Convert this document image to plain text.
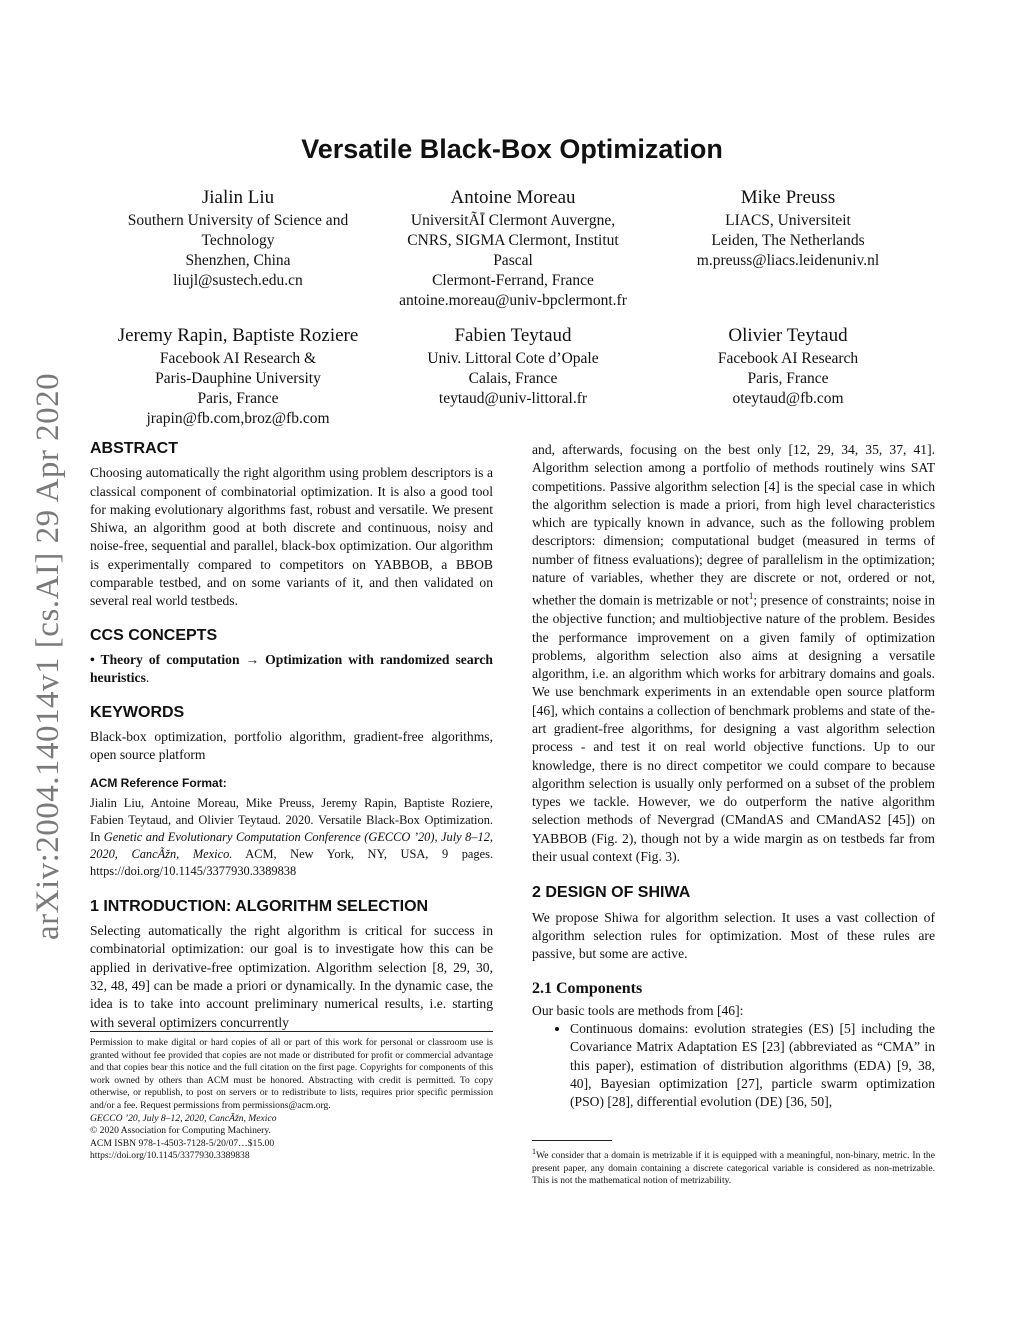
arXiv:2004.14014v1 [cs.AI] 29 Apr 2020
Versatile Black-Box Optimization
Jialin Liu
Southern University of Science and
Technology
Shenzhen, China
liujl@sustech.edu.cn
Antoine Moreau
UniversitÃĪ Clermont Auvergne,
CNRS, SIGMA Clermont, Institut
Pascal
Clermont-Ferrand, France
antoine.moreau@univ-bpclermont.fr
Mike Preuss
LIACS, Universiteit
Leiden, The Netherlands
m.preuss@liacs.leidenuniv.nl
Jeremy Rapin, Baptiste Roziere
Facebook AI Research &
Paris-Dauphine University
Paris, France
jrapin@fb.com,broz@fb.com
Fabien Teytaud
Univ. Littoral Cote d’Opale
Calais, France
teytaud@univ-littoral.fr
Olivier Teytaud
Facebook AI Research
Paris, France
oteytaud@fb.com

ABSTRACT

Choosing automatically the right algorithm using problem descriptors is a classical component of combinatorial optimization. It is also a good tool for making evolutionary algorithms fast, robust and versatile. We present Shiwa, an algorithm good at both discrete and continuous, noisy and noise-free, sequential and parallel, black-box optimization. Our algorithm is experimentally compared to competitors on YABBOB, a BBOB comparable testbed, and on some variants of it, and then validated on several real world testbeds.

CCS CONCEPTS

• Theory of computation → Optimization with randomized search heuristics.

KEYWORDS

Black-box optimization, portfolio algorithm, gradient-free algorithms, open source platform

ACM Reference Format:

Jialin Liu, Antoine Moreau, Mike Preuss, Jeremy Rapin, Baptiste Roziere, Fabien Teytaud, and Olivier Teytaud. 2020. Versatile Black-Box Optimization. In Genetic and Evolutionary Computation Conference (GECCO ’20), July 8–12, 2020, CancÃžn, Mexico. ACM, New York, NY, USA, 9 pages. https://doi.org/10.1145/3377930.3389838

1 INTRODUCTION: ALGORITHM SELECTION

Selecting automatically the right algorithm is critical for success in combinatorial optimization: our goal is to investigate how this can be applied in derivative-free optimization. Algorithm selection [8, 29, 30, 32, 48, 49] can be made a priori or dynamically. In the dynamic case, the idea is to take into account preliminary numerical results, i.e. starting with several optimizers concurrently

Permission to make digital or hard copies of all or part of this work for personal or classroom use is granted without fee provided that copies are not made or distributed for profit or commercial advantage and that copies bear this notice and the full citation on the first page. Copyrights for components of this work owned by others than ACM must be honored. Abstracting with credit is permitted. To copy otherwise, or republish, to post on servers or to redistribute to lists, requires prior specific permission and/or a fee. Request permissions from permissions@acm.org.
GECCO ’20, July 8–12, 2020, CancÃžn, Mexico
© 2020 Association for Computing Machinery.
ACM ISBN 978-1-4503-7128-5/20/07…$15.00
https://doi.org/10.1145/3377930.3389838

and, afterwards, focusing on the best only [12, 29, 34, 35, 37, 41]. Algorithm selection among a portfolio of methods routinely wins SAT competitions. Passive algorithm selection [4] is the special case in which the algorithm selection is made a priori, from high level characteristics which are typically known in advance, such as the following problem descriptors: dimension; computational budget (measured in terms of number of fitness evaluations); degree of parallelism in the optimization; nature of variables, whether they are discrete or not, ordered or not, whether the domain is metrizable or not$^1$; presence of constraints; noise in the objective function; and multiobjective nature of the problem. Besides the performance improvement on a given family of optimization problems, algorithm selection also aims at designing a versatile algorithm, i.e. an algorithm which works for arbitrary domains and goals. We use benchmark experiments in an extendable open source platform [46], which contains a collection of benchmark problems and state of the-art gradient-free algorithms, for designing a vast algorithm selection process - and test it on real world objective functions. Up to our knowledge, there is no direct competitor we could compare to because algorithm selection is usually only performed on a subset of the problem types we tackle. However, we do outperform the native algorithm selection methods of Nevergrad (CMandAS and CMandAS2 [45]) on YABBOB (Fig. 2), though not by a wide margin as on testbeds far from their usual context (Fig. 3).

2 DESIGN OF SHIWA

We propose Shiwa for algorithm selection. It uses a vast collection of algorithm selection rules for optimization. Most of these rules are passive, but some are active.

2.1 Components

Our basic tools are methods from [46]:

• Continuous domains: evolution strategies (ES) [5] including the Covariance Matrix Adaptation ES [23] (abbreviated as “CMA” in this paper), estimation of distribution algorithms (EDA) [9, 38, 40], Bayesian optimization [27], particle swarm optimization (PSO) [28], differential evolution (DE) [36, 50],
$^1$We consider that a domain is metrizable if it is equipped with a meaningful, non-binary, metric. In the present paper, any domain containing a discrete categorical variable is considered as non-metrizable. This is not the mathematical notion of metrizability.
